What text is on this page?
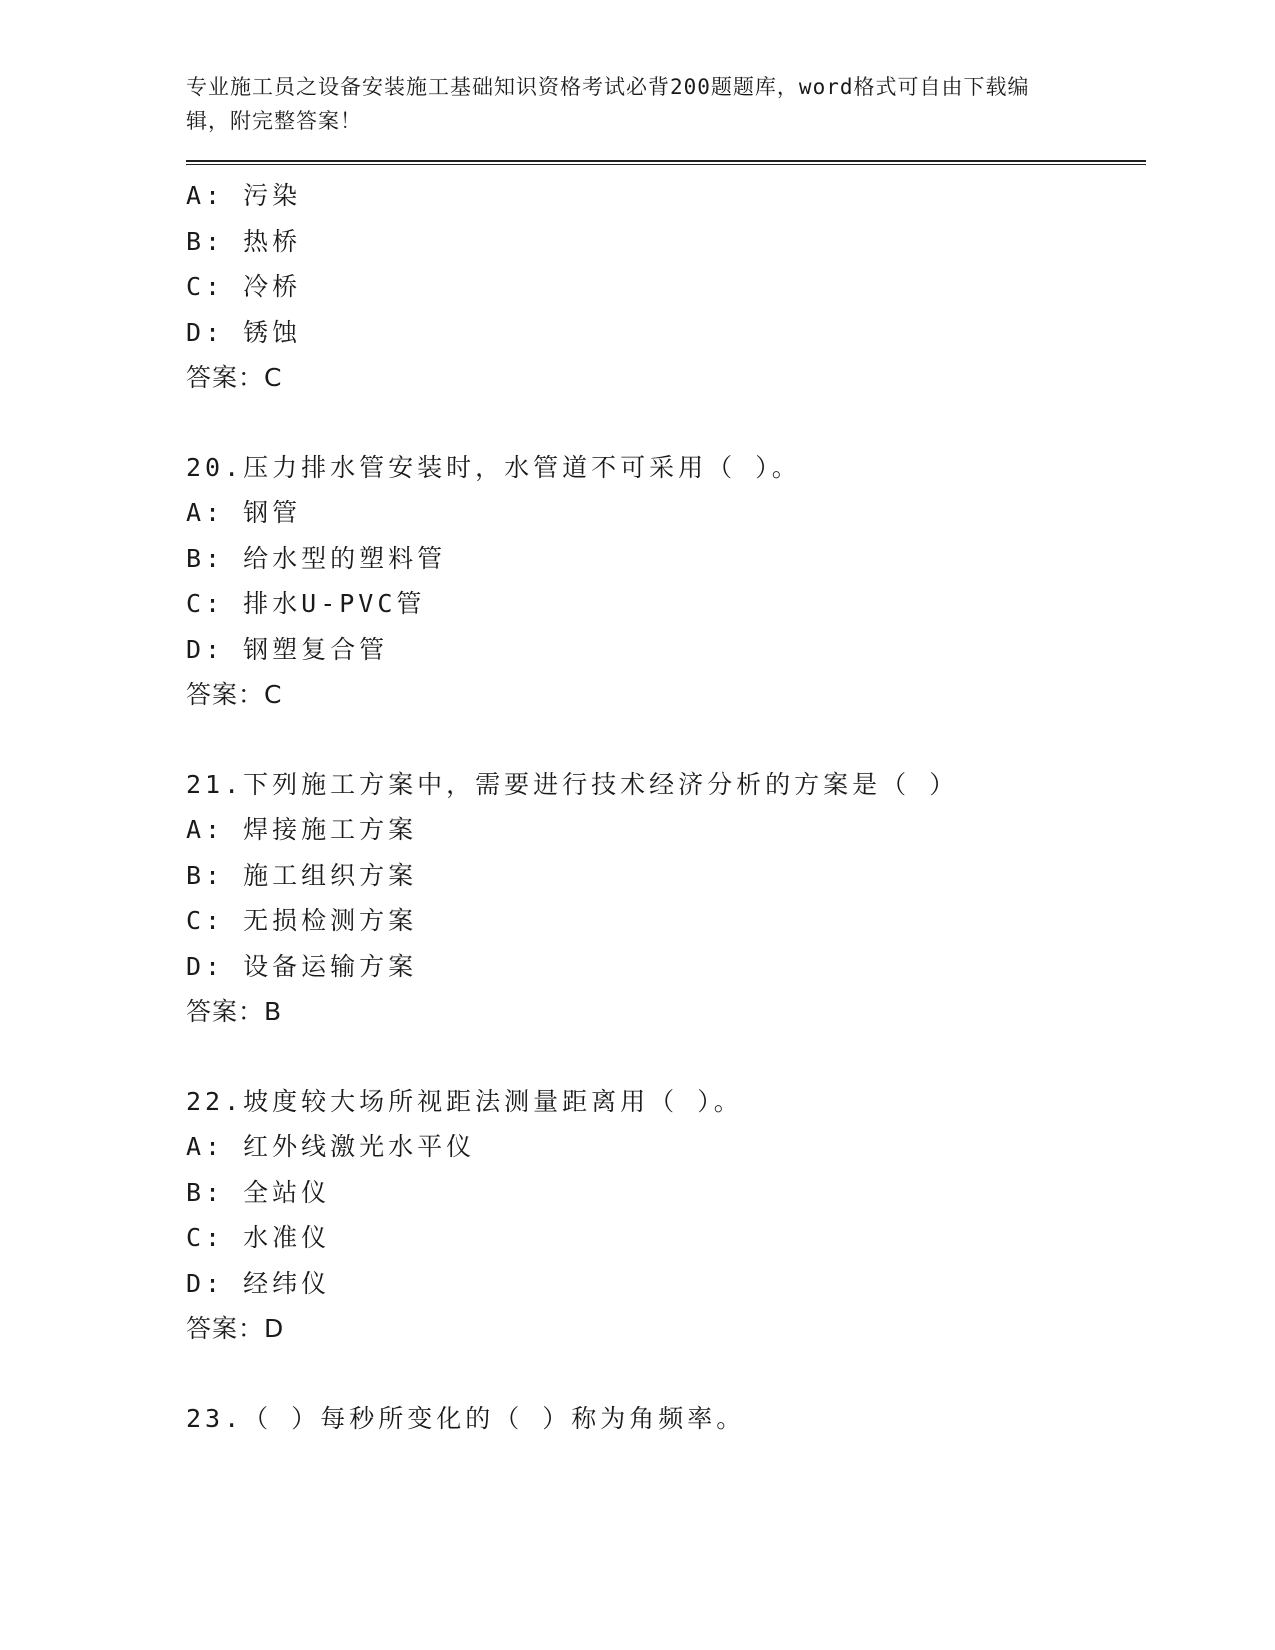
专业施工员之设备安装施工基础知识资格考试必背200题题库，word格式可自由下载编辑，附完整答案！
A: 污染
B: 热桥
C: 冷桥
D: 锈蚀
答案：C
20.压力排水管安装时，水管道不可采用（ ）。
A: 钢管
B: 给水型的塑料管
C: 排水U-PVC管
D: 钢塑复合管
答案：C
21.下列施工方案中，需要进行技术经济分析的方案是（ ）
A: 焊接施工方案
B: 施工组织方案
C: 无损检测方案
D: 设备运输方案
答案：B
22.坡度较大场所视距法测量距离用（ ）。
A: 红外线激光水平仪
B: 全站仪
C: 水准仪
D: 经纬仪
答案：D
23.（ ）每秒所变化的（ ）称为角频率。
